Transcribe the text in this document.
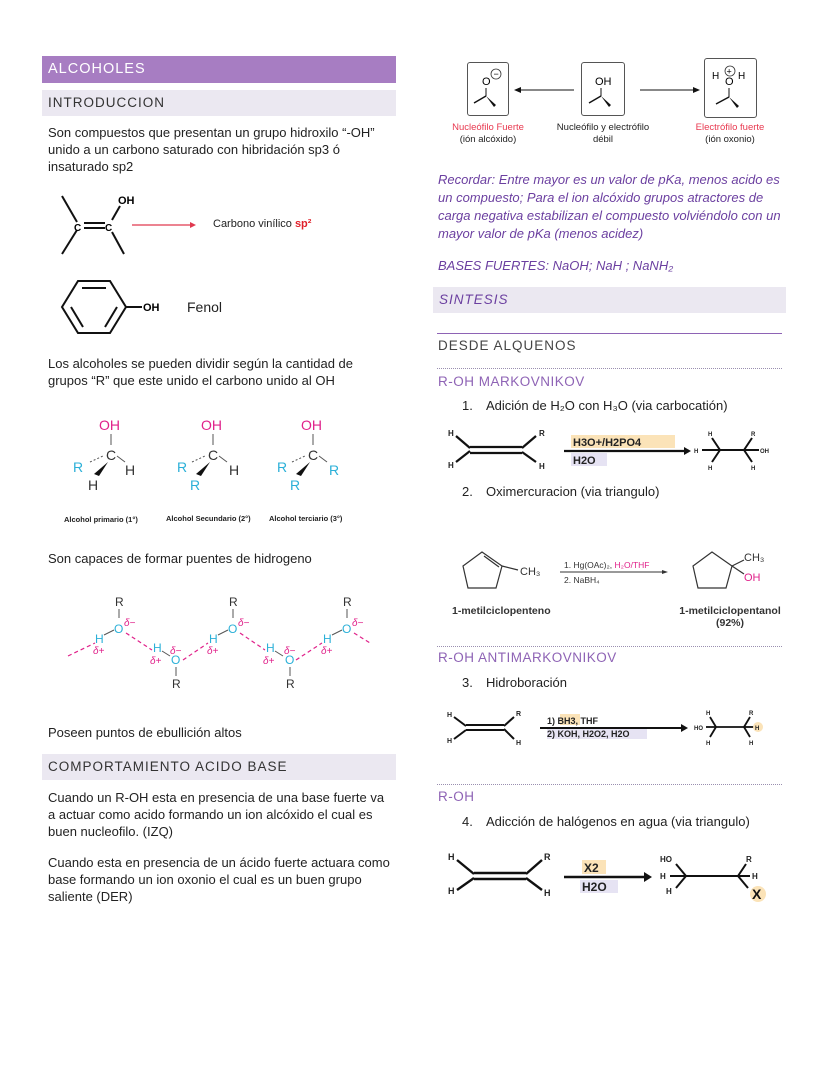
ALCOHOLES
INTRODUCCION
Son compuestos que presentan un grupo hidroxilo “-OH” unido a un carbono saturado con hibridación sp3 ó insaturado sp2
C C
OH
Carbono vinílico sp²
OH Fenol
Los alcoholes se pueden dividir según la cantidad de grupos “R” que este unido el carbono unido al OH
OH
C
R	H
H
OH
C
R	H
R
OH
C
R	R
R
Alcohol primario (1°)	Alcohol Secundario (2°) Alcohol terciario (3°)
Son capaces de formar puentes de hidrogeno
R
O δ−
H
δ+	H
δ+ O
δ−
R
R
O δ−
H
δ+	H
δ+ O
δ−
R
R
O δ−
H
δ+
Poseen puntos de ebullición altos
COMPORTAMIENTO ACIDO BASE
Cuando un R-OH esta en presencia de una base fuerte va a actuar como acido formando un ion alcóxido el cual es buen nucleofilo. (IZQ)
Cuando esta en presencia de un ácido fuerte actuara como base formando un ion oxonio el cual es un buen grupo saliente (DER)
O
−
OH	H O H
+
Nucleófilo Fuerte
(ión alcóxido)
Nucleófilo y electrófilo
débil
Electrófilo fuerte
(ión oxonio)
Recordar: Entre mayor es un valor de pKa, menos acido es un compuesto; Para el ion alcóxido grupos atractores de carga negativa estabilizan el compuesto volviéndolo con un mayor valor de pKa (menos acidez)
BASES FUERTES: NaOH; NaH ; NaNH₂
SINTESIS
DESDE ALQUENOS
R-OH MARKOVNIKOV
1. Adición de H₂O con H₃O (via carbocatión)
H
H
R
H
H3O+/H2PO4
H2O
H
H
H
R
OH
H
2. Oximercuracion (via triangulo)
CH₃
1. Hg(OAc)₂, H₂O/THF
2. NaBH₄
CH₃
OH
1-metilciclopenteno	1-metilciclopentanol
(92%)
R-OH ANTIMARKOVNIKOV
3. Hidroboración
H
H
R
H
1) BH3, THF
2) KOH, H2O2, H2O
H
HO
H
R
H
H
R-OH
4. Adicción de halógenos en agua (via triangulo)
H
H
R
H
X2
H2O
HO
H
H
R
H
X
